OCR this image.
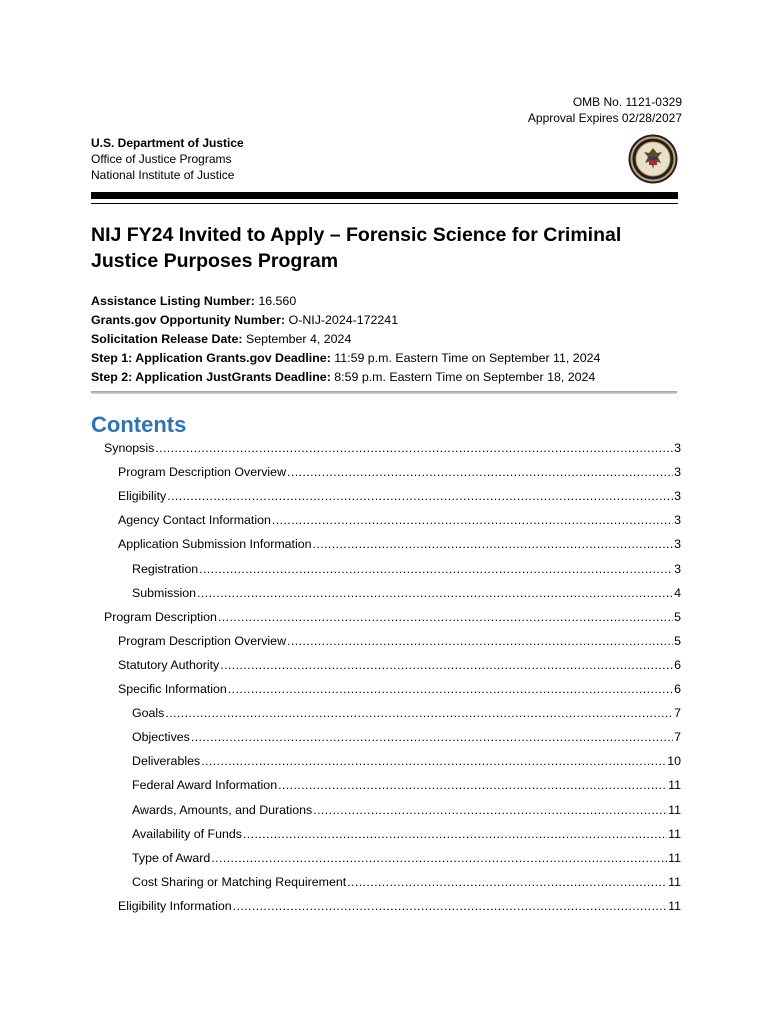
OMB No. 1121-0329
Approval Expires 02/28/2027
U.S. Department of Justice
Office of Justice Programs
National Institute of Justice
NIJ FY24 Invited to Apply – Forensic Science for Criminal Justice Purposes Program
Assistance Listing Number: 16.560
Grants.gov Opportunity Number: O-NIJ-2024-172241
Solicitation Release Date: September 4, 2024
Step 1: Application Grants.gov Deadline: 11:59 p.m. Eastern Time on September 11, 2024
Step 2: Application JustGrants Deadline: 8:59 p.m. Eastern Time on September 18, 2024
Contents
Synopsis .....	3
Program Description Overview .....	3
Eligibility .....	3
Agency Contact Information .....	3
Application Submission Information .....	3
Registration .....	3
Submission .....	4
Program Description .....	5
Program Description Overview .....	5
Statutory Authority .....	6
Specific Information .....	6
Goals .....	7
Objectives .....	7
Deliverables .....	10
Federal Award Information .....	11
Awards, Amounts, and Durations .....	11
Availability of Funds .....	11
Type of Award .....	11
Cost Sharing or Matching Requirement .....	11
Eligibility Information .....	11
